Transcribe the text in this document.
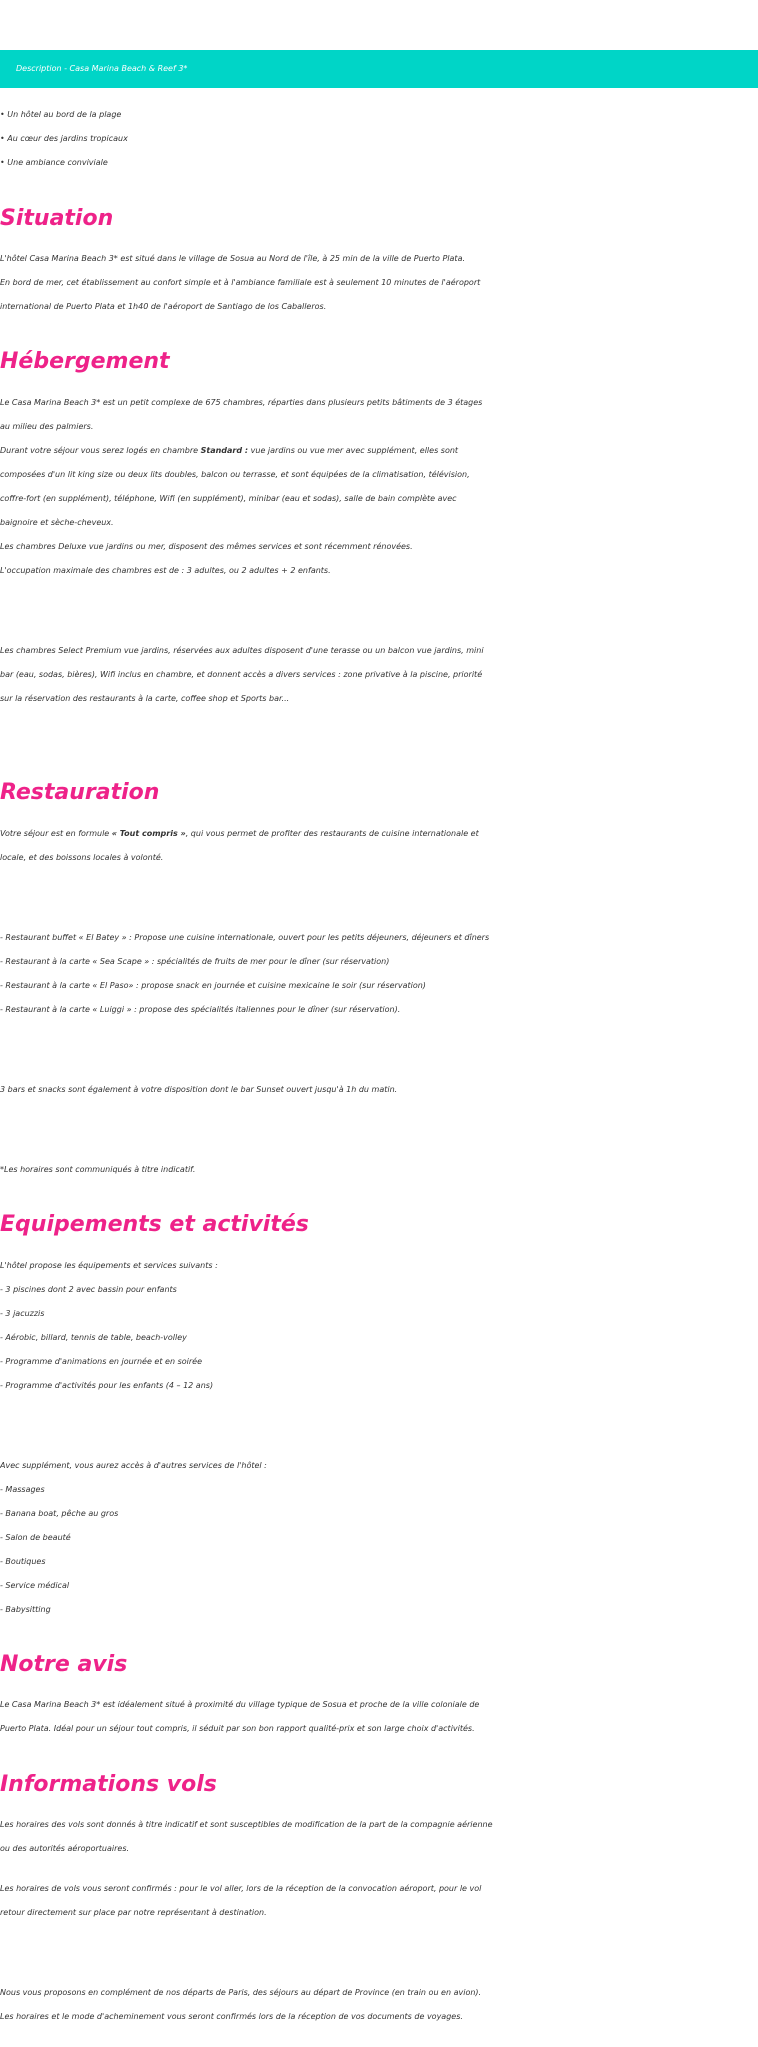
Description - Casa Marina Beach & Reef 3*
• Un hôtel au bord de la plage
• Au cœur des jardins tropicaux
• Une ambiance conviviale
Situation
L'hôtel Casa Marina Beach 3* est situé dans le village de Sosua au Nord de l'île, à 25 min de la ville de Puerto Plata.
En bord de mer, cet établissement au confort simple et à l'ambiance familiale est à seulement 10 minutes de l'aéroport
international de Puerto Plata et 1h40 de l'aéroport de Santiago de los Caballeros.
Hébergement
Le Casa Marina Beach 3* est un petit complexe de 675 chambres, réparties dans plusieurs petits bâtiments de 3 étages
au milieu des palmiers.
Durant votre séjour vous serez logés en chambre Standard : vue jardins ou vue mer avec supplément, elles sont
composées d'un lit king size ou deux lits doubles, balcon ou terrasse, et sont équipées de la climatisation, télévision,
coffre-fort (en supplément), téléphone, Wifi (en supplément), minibar (eau et sodas), salle de bain complète avec
baignoire et sèche-cheveux.
Les chambres Deluxe vue jardins ou mer, disposent des mêmes services et sont récemment rénovées.
L'occupation maximale des chambres est de : 3 adultes, ou 2 adultes + 2 enfants.
Les chambres Select Premium vue jardins, réservées aux adultes disposent d'une terasse ou un balcon vue jardins, mini
bar (eau, sodas, bières), Wifi inclus en chambre, et donnent accès a divers services : zone privative à la piscine, priorité
sur la réservation des restaurants à la carte, coffee shop et Sports bar...
Restauration
Votre séjour est en formule « Tout compris », qui vous permet de profiter des restaurants de cuisine internationale et
locale, et des boissons locales à volonté.
- Restaurant buffet « El Batey » : Propose une cuisine internationale, ouvert pour les petits déjeuners, déjeuners et dîners
- Restaurant à la carte « Sea Scape » : spécialités de fruits de mer pour le dîner (sur réservation)
- Restaurant à la carte « El Paso» : propose snack en journée et cuisine mexicaine le soir (sur réservation)
- Restaurant à la carte « Luiggi » : propose des spécialités italiennes pour le dîner (sur réservation).
3 bars et snacks sont également à votre disposition dont le bar Sunset ouvert jusqu'à 1h du matin.
*Les horaires sont communiqués à titre indicatif.
Equipements et activités
L'hôtel propose les équipements et services suivants :
- 3 piscines dont 2 avec bassin pour enfants
- 3 jacuzzis
- Aérobic, billard, tennis de table, beach-volley
- Programme d'animations en journée et en soirée
- Programme d'activités pour les enfants (4 – 12 ans)
Avec supplément, vous aurez accès à d'autres services de l'hôtel :
- Massages
- Banana boat, pêche au gros
- Salon de beauté
- Boutiques
- Service médical
- Babysitting
Notre avis
Le Casa Marina Beach 3* est idéalement situé à proximité du village typique de Sosua et proche de la ville coloniale de
Puerto Plata. Idéal pour un séjour tout compris, il séduit par son bon rapport qualité-prix et son large choix d'activités.
Informations vols
Les horaires des vols sont donnés à titre indicatif et sont susceptibles de modification de la part de la compagnie aérienne
ou des autorités aéroportuaires.
Les horaires de vols vous seront confirmés : pour le vol aller, lors de la réception de la convocation aéroport, pour le vol
retour directement sur place par notre représentant à destination.
Nous vous proposons en complément de nos départs de Paris, des séjours au départ de Province (en train ou en avion).
Les horaires et le mode d'acheminement vous seront confirmés lors de la réception de vos documents de voyages.
